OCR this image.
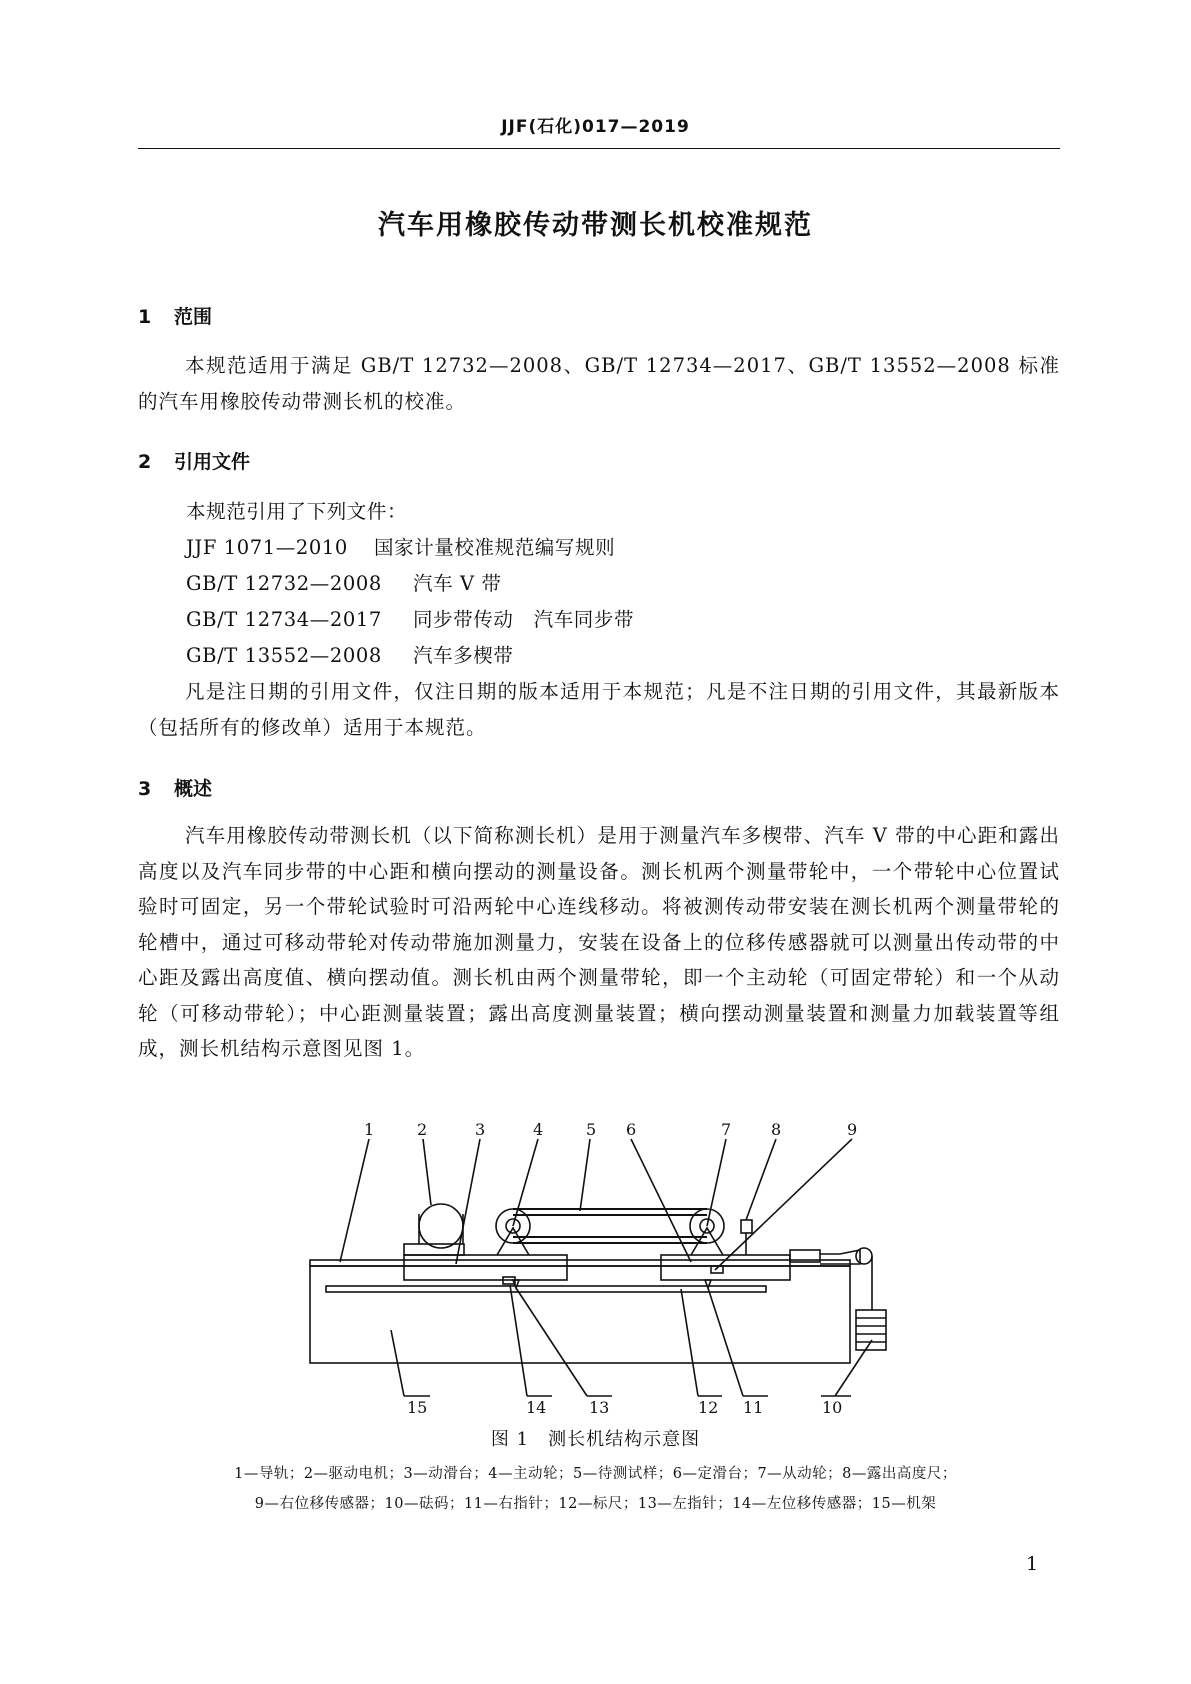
JJF(石化)017—2019
汽车用橡胶传动带测长机校准规范
1 范围
本规范适用于满足 GB/T 12732—2008、GB/T 12734—2017、GB/T 13552—2008 标准的汽车用橡胶传动带测长机的校准。
2 引用文件
本规范引用了下列文件：
JJF 1071—2010 国家计量校准规范编写规则
GB/T 12732—2008 汽车 V 带
GB/T 12734—2017 同步带传动　汽车同步带
GB/T 13552—2008 汽车多楔带
凡是注日期的引用文件，仅注日期的版本适用于本规范；凡是不注日期的引用文件，其最新版本（包括所有的修改单）适用于本规范。
3 概述
汽车用橡胶传动带测长机（以下简称测长机）是用于测量汽车多楔带、汽车 V 带的中心距和露出高度以及汽车同步带的中心距和横向摆动的测量设备。测长机两个测量带轮中，一个带轮中心位置试验时可固定，另一个带轮试验时可沿两轮中心连线移动。将被测传动带安装在测长机两个测量带轮的轮槽中，通过可移动带轮对传动带施加测量力，安装在设备上的位移传感器就可以测量出传动带的中心距及露出高度值、横向摆动值。测长机由两个测量带轮，即一个主动轮（可固定带轮）和一个从动轮（可移动带轮）；中心距测量装置；露出高度测量装置；横向摆动测量装置和测量力加载装置等组成，测长机结构示意图见图 1。
1	2	3	4	5 6	7 8	9
10
11
12
13
14
15
图 1　测长机结构示意图
1—导轨；2—驱动电机；3—动滑台；4—主动轮；5—待测试样；6—定滑台；7—从动轮；8—露出高度尺；
9—右位移传感器；10—砝码；11—右指针；12—标尺；13—左指针；14—左位移传感器；15—机架
1
